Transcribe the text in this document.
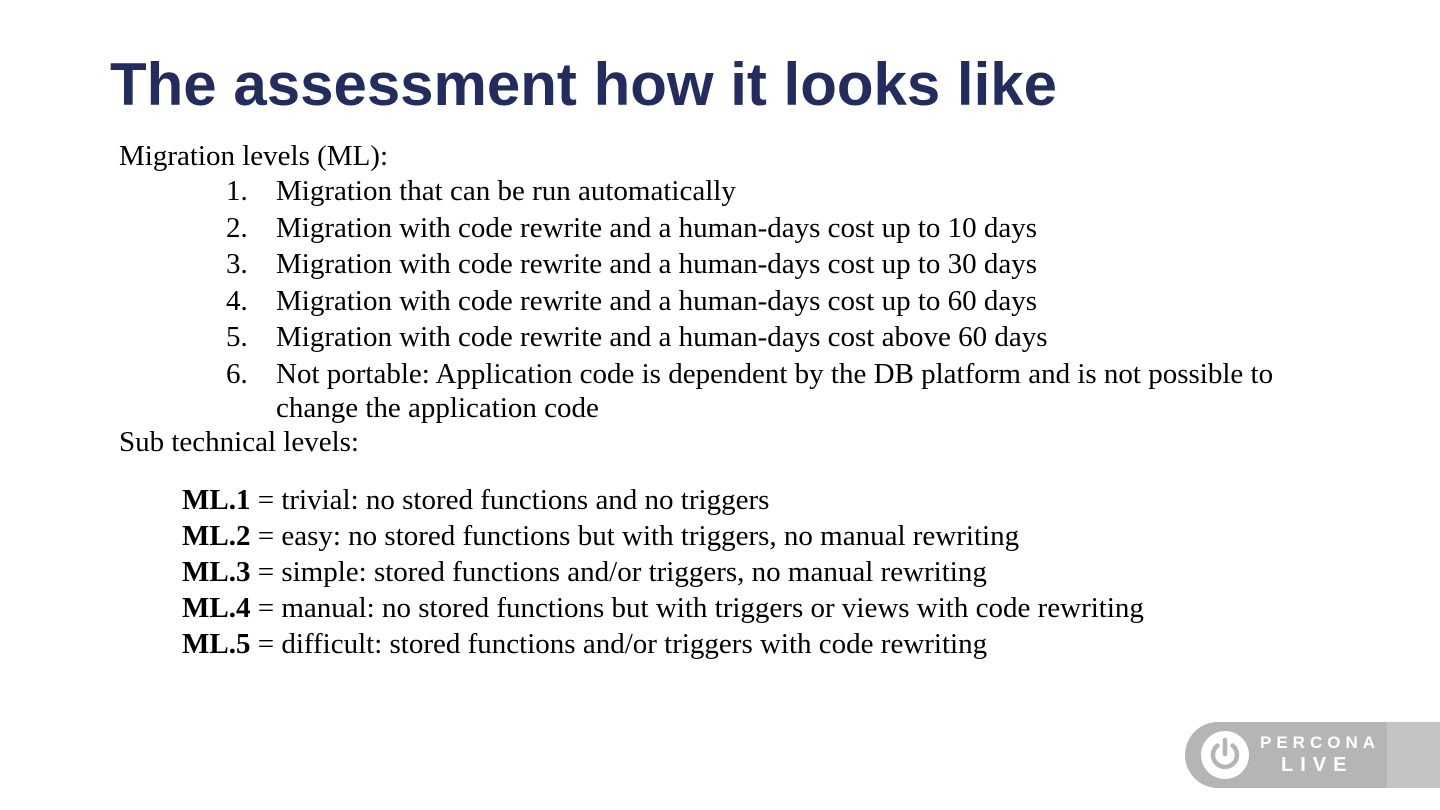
The assessment how it looks like
Migration levels (ML):
1. Migration that can be run automatically
2. Migration with code rewrite and a human-days cost up to 10 days
3. Migration with code rewrite and a human-days cost up to 30 days
4. Migration with code rewrite and a human-days cost up to 60 days
5. Migration with code rewrite and a human-days cost above 60 days
6. Not portable: Application code is dependent by the DB platform and is not possible to change the application code
Sub technical levels:
ML.1 = trivial: no stored functions and no triggers
ML.2 = easy: no stored functions but with triggers, no manual rewriting
ML.3 = simple: stored functions and/or triggers, no manual rewriting
ML.4 = manual: no stored functions but with triggers or views with code rewriting
ML.5 = difficult: stored functions and/or triggers with code rewriting
PERCONA
LIVE
